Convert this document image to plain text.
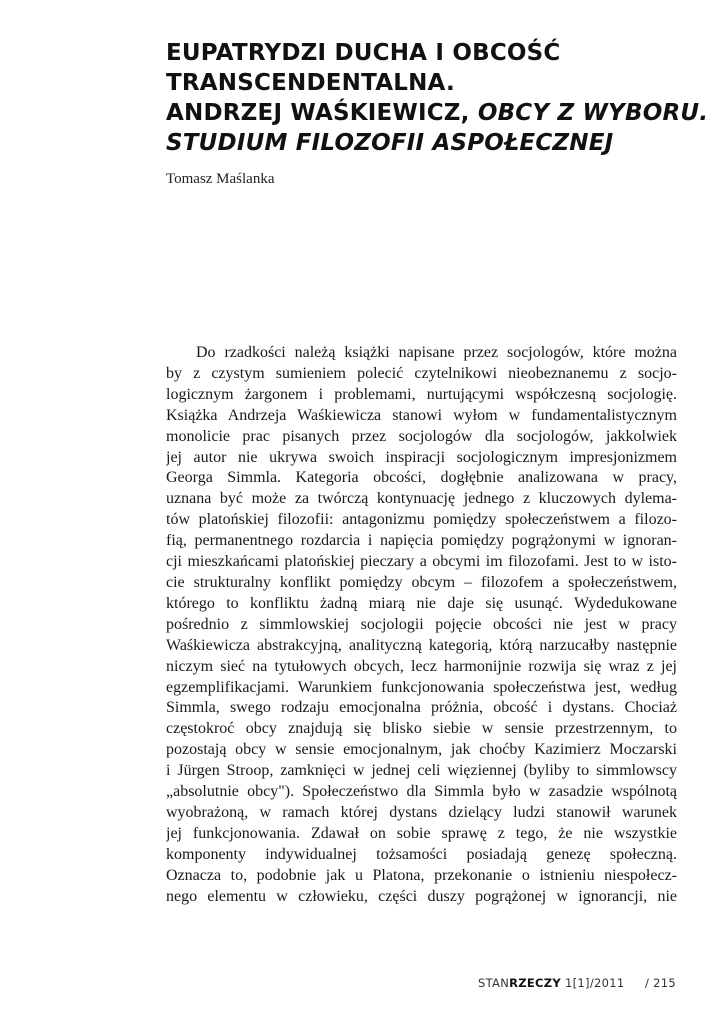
EUPATRYDZI DUCHA I OBCOŚĆ
TRANSCENDENTALNA.
ANDRZEJ WAŚKIEWICZ, OBCY Z WYBORU.
STUDIUM FILOZOFII ASPOŁECZNEJ
Tomasz Maślanka
Do rzadkości należą książki napisane przez socjologów, które można
by z czystym sumieniem polecić czytelnikowi nieobeznanemu z socjo-
logicznym żargonem i problemami, nurtującymi współczesną socjologię.
Książka Andrzeja Waśkiewicza stanowi wyłom w fundamentalistycznym
monolicie prac pisanych przez socjologów dla socjologów, jakkolwiek
jej autor nie ukrywa swoich inspiracji socjologicznym impresjonizmem
Georga Simmla. Kategoria obcości, dogłębnie analizowana w pracy,
uznana być może za twórczą kontynuację jednego z kluczowych dylema-
tów platońskiej filozofii: antagonizmu pomiędzy społeczeństwem a filozo-
fią, permanentnego rozdarcia i napięcia pomiędzy pogrążonymi w ignoran-
cji mieszkańcami platońskiej pieczary a obcymi im filozofami. Jest to w isto-
cie strukturalny konflikt pomiędzy obcym – filozofem a społeczeństwem,
którego to konfliktu żadną miarą nie daje się usunąć. Wydedukowane
pośrednio z simmlowskiej socjologii pojęcie obcości nie jest w pracy
Waśkiewicza abstrakcyjną, analityczną kategorią, którą narzucałby następnie
niczym sieć na tytułowych obcych, lecz harmonijnie rozwija się wraz z jej
egzemplifikacjami. Warunkiem funkcjonowania społeczeństwa jest, według
Simmla, swego rodzaju emocjonalna próżnia, obcość i dystans. Chociaż
częstokroć obcy znajdują się blisko siebie w sensie przestrzennym, to
pozostają obcy w sensie emocjonalnym, jak choćby Kazimierz Moczarski
i Jürgen Stroop, zamknięci w jednej celi więziennej (byliby to simmlowscy
„absolutnie obcy"). Społeczeństwo dla Simmla było w zasadzie wspólnotą
wyobrażoną, w ramach której dystans dzielący ludzi stanowił warunek
jej funkcjonowania. Zdawał on sobie sprawę z tego, że nie wszystkie
komponenty indywidualnej tożsamości posiadają genezę społeczną.
Oznacza to, podobnie jak u Platona, przekonanie o istnieniu niespołecz-
nego elementu w człowieku, części duszy pogrążonej w ignorancji, nie
STANRZECZY 1[1]/2011 / 215
